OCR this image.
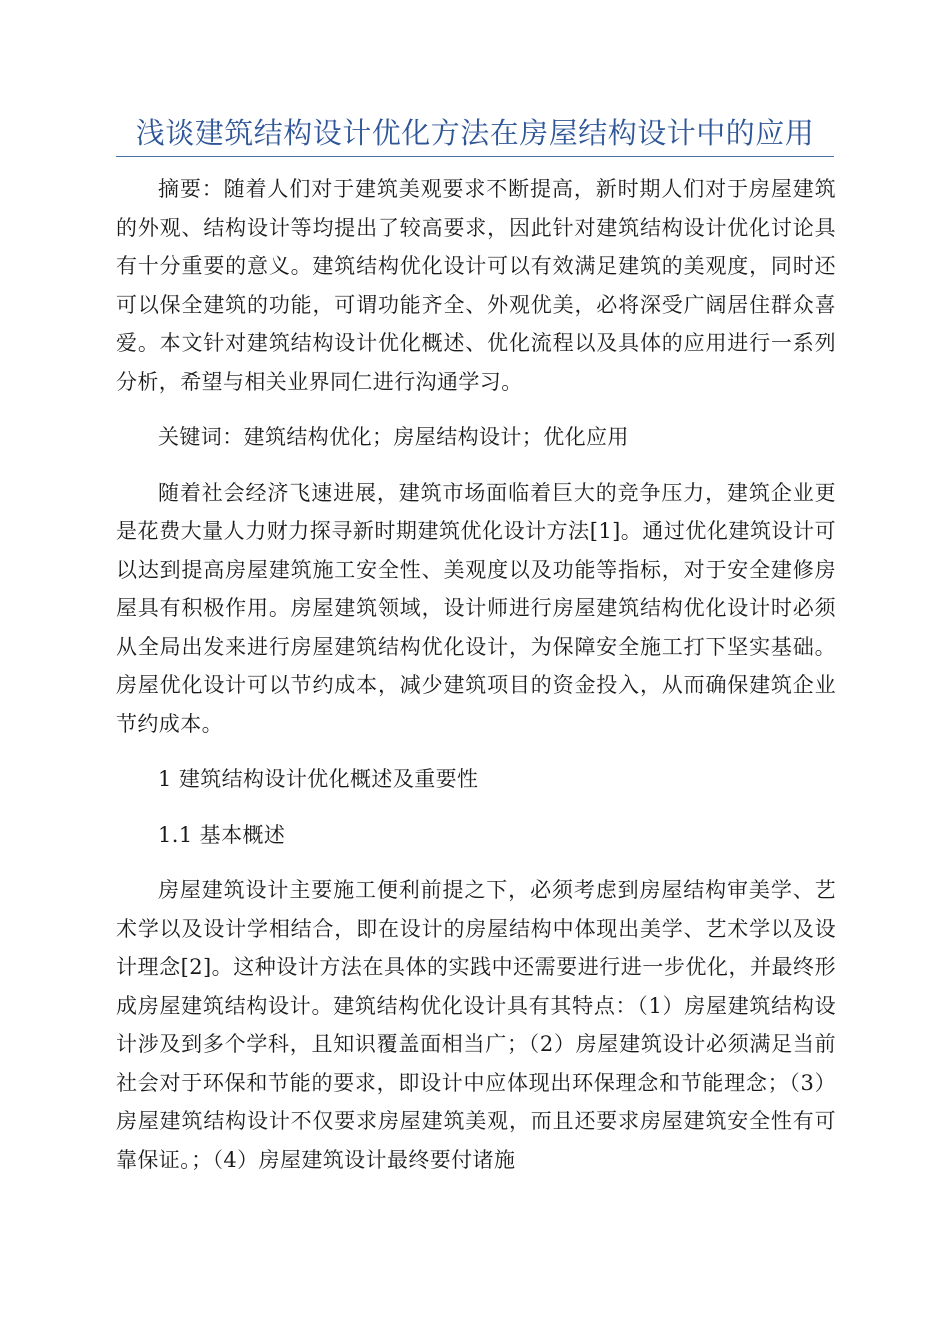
浅谈建筑结构设计优化方法在房屋结构设计中的应用

摘要：随着人们对于建筑美观要求不断提高，新时期人们对于房屋建筑的外观、结构设计等均提出了较高要求，因此针对建筑结构设计优化讨论具有十分重要的意义。建筑结构优化设计可以有效满足建筑的美观度，同时还可以保全建筑的功能，可谓功能齐全、外观优美，必将深受广阔居住群众喜爱。本文针对建筑结构设计优化概述、优化流程以及具体的应用进行一系列分析，希望与相关业界同仁进行沟通学习。

关键词：建筑结构优化；房屋结构设计；优化应用

随着社会经济飞速进展，建筑市场面临着巨大的竞争压力，建筑企业更是花费大量人力财力探寻新时期建筑优化设计方法[1]。通过优化建筑设计可以达到提高房屋建筑施工安全性、美观度以及功能等指标，对于安全建修房屋具有积极作用。房屋建筑领域，设计师进行房屋建筑结构优化设计时必须从全局出发来进行房屋建筑结构优化设计，为保障安全施工打下坚实基础。房屋优化设计可以节约成本，减少建筑项目的资金投入，从而确保建筑企业节约成本。

1 建筑结构设计优化概述及重要性

1.1 基本概述

房屋建筑设计主要施工便利前提之下，必须考虑到房屋结构审美学、艺术学以及设计学相结合，即在设计的房屋结构中体现出美学、艺术学以及设计理念[2]。这种设计方法在具体的实践中还需要进行进一步优化，并最终形成房屋建筑结构设计。建筑结构优化设计具有其特点：（1）房屋建筑结构设计涉及到多个学科，且知识覆盖面相当广；（2）房屋建筑设计必须满足当前社会对于环保和节能的要求，即设计中应体现出环保理念和节能理念；（3）房屋建筑结构设计不仅要求房屋建筑美观，而且还要求房屋建筑安全性有可靠保证。；（4）房屋建筑设计最终要付诸施
